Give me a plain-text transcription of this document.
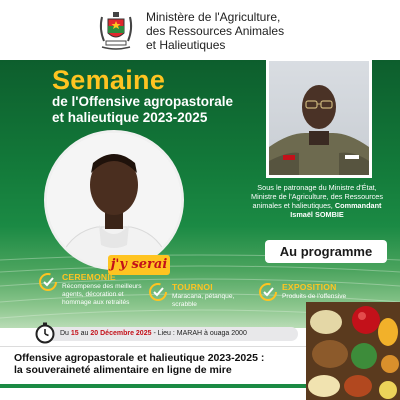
Ministère de l'Agriculture,
des Ressources Animales
et Halieutiques
Semaine
de l'Offensive agropastorale
et halieutique 2023-2025
Sous le patronage du Ministre d'État,
Ministre de l'Agriculture, des Ressources
animales et halieutiques, Commandant
Ismaël SOMBIE
j'y serai
Au programme
CEREMONIE
Récompense des meilleurs
agents, décoration et
hommage aux retraités
TOURNOI
Maracana, pétanque,
scrabble
EXPOSITION
Produits de l'offensive
Du 15 au 20 Décembre 2025 - Lieu : MARAH à ouaga 2000
Offensive agropastorale et halieutique 2023-2025 :
la souveraineté alimentaire en ligne de mire
